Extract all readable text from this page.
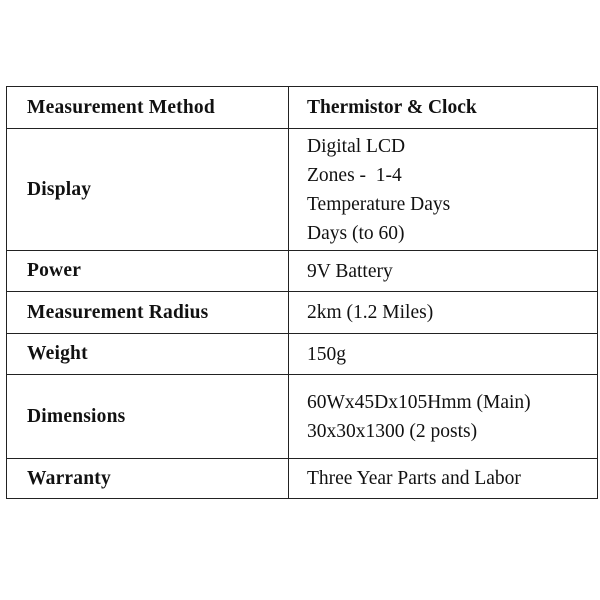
Measurement Method	Thermistor & Clock
Display	Digital LCD
Zones -  1-4
Temperature Days
Days (to 60)

Power	9V Battery

Measurement Radius	2km (1.2 Miles)

Weight	150g

Dimensions	60Wx45Dx105Hmm (Main)
30x30x1300 (2 posts)

Warranty	Three Year Parts and Labor
